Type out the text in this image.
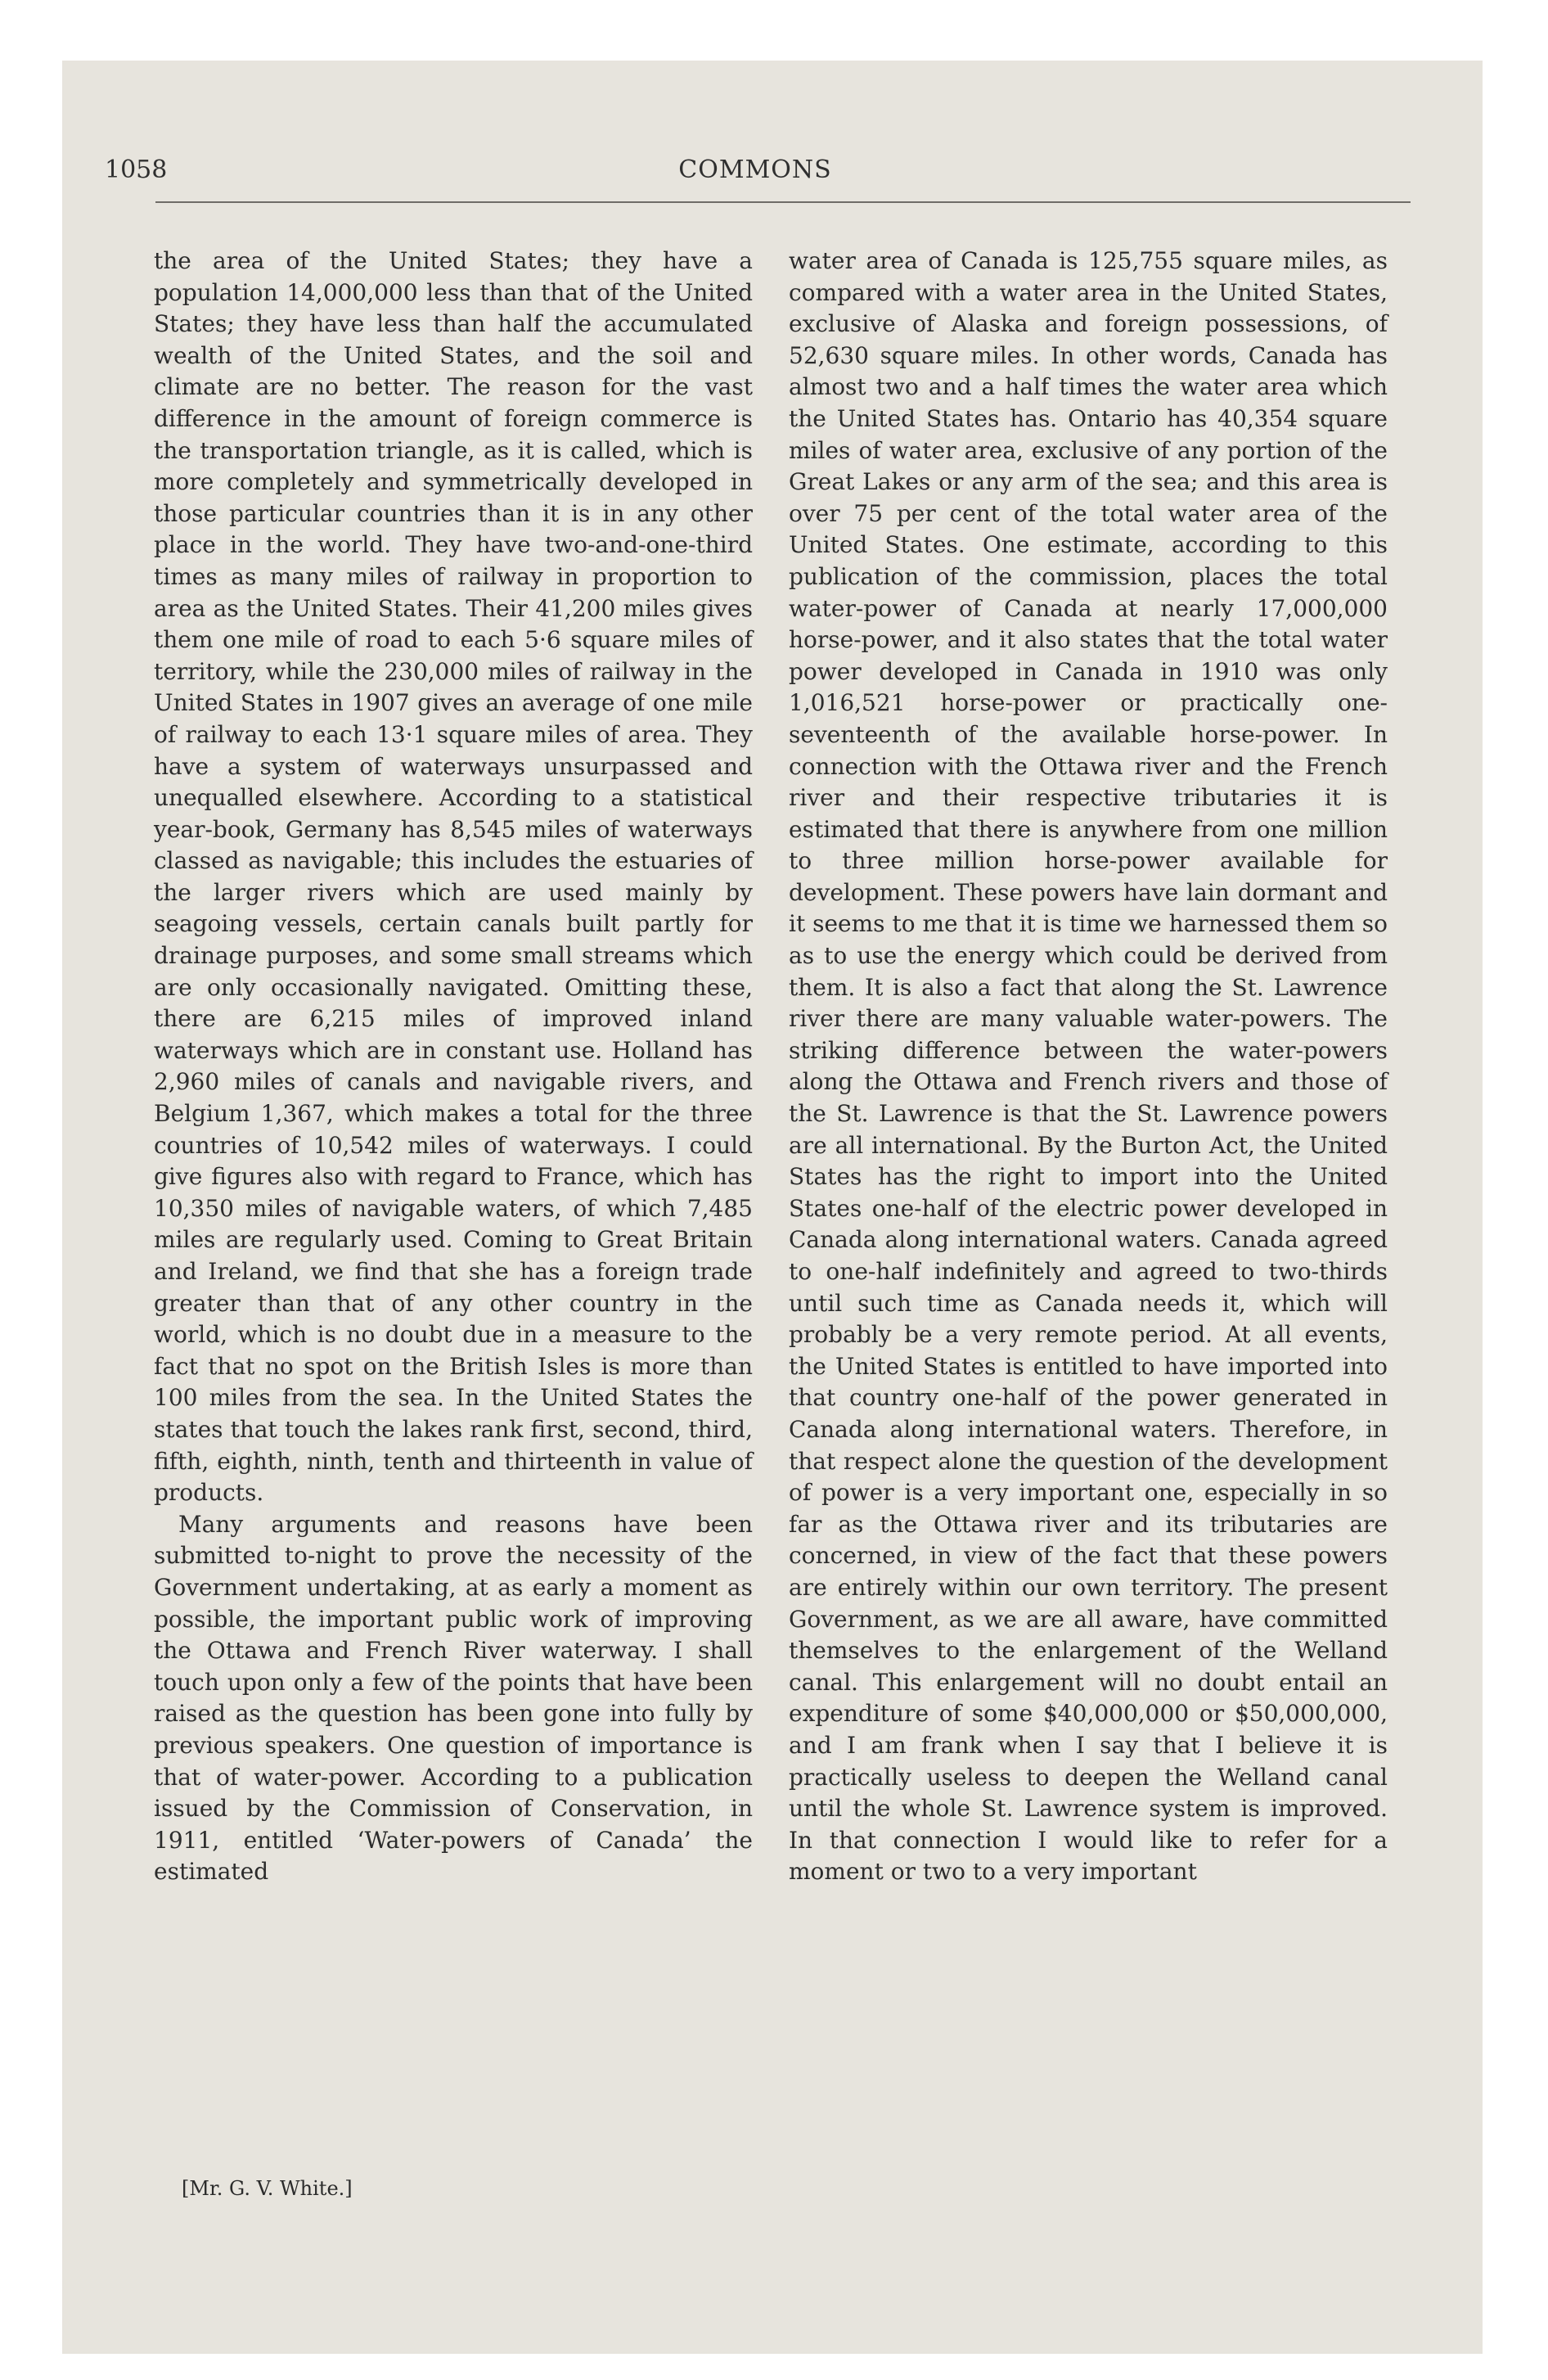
1058	COMMONS

the area of the United States; they have a population 14,000,000 less than that of the United States; they have less than half the accumulated wealth of the United States, and the soil and climate are no better. The reason for the vast difference in the amount of foreign commerce is the transportation triangle, as it is called, which is more completely and symmetrically developed in those particular countries than it is in any other place in the world. They have two-and-one-third times as many miles of railway in proportion to area as the United States. Their 41,200 miles gives them one mile of road to each 5·6 square miles of territory, while the 230,000 miles of railway in the United States in 1907 gives an average of one mile of railway to each 13·1 square miles of area. They have a system of waterways unsurpassed and unequalled elsewhere. According to a statistical year-book, Germany has 8,545 miles of waterways classed as navigable; this includes the estuaries of the larger rivers which are used mainly by seagoing vessels, certain canals built partly for drainage purposes, and some small streams which are only occasionally navigated. Omitting these, there are 6,215 miles of improved inland waterways which are in constant use. Holland has 2,960 miles of canals and navigable rivers, and Belgium 1,367, which makes a total for the three countries of 10,542 miles of waterways. I could give figures also with regard to France, which has 10,350 miles of navigable waters, of which 7,485 miles are regularly used. Coming to Great Britain and Ireland, we find that she has a foreign trade greater than that of any other country in the world, which is no doubt due in a measure to the fact that no spot on the British Isles is more than 100 miles from the sea. In the United States the states that touch the lakes rank first, second, third, fifth, eighth, ninth, tenth and thirteenth in value of products.

Many arguments and reasons have been submitted to-night to prove the necessity of the Government undertaking, at as early a moment as possible, the important public work of improving the Ottawa and French River waterway. I shall touch upon only a few of the points that have been raised as the question has been gone into fully by previous speakers. One question of importance is that of water-power. According to a publication issued by the Commission of Conservation, in 1911, entitled ‘Water-powers of Canada’ the estimated

water area of Canada is 125,755 square miles, as compared with a water area in the United States, exclusive of Alaska and foreign possessions, of 52,630 square miles. In other words, Canada has almost two and a half times the water area which the United States has. Ontario has 40,354 square miles of water area, exclusive of any portion of the Great Lakes or any arm of the sea; and this area is over 75 per cent of the total water area of the United States. One estimate, according to this publication of the commission, places the total water-power of Canada at nearly 17,000,000 horse-power, and it also states that the total water power developed in Canada in 1910 was only 1,016,521 horse-power or practically one-seventeenth of the available horse-power. In connection with the Ottawa river and the French river and their respective tributaries it is estimated that there is anywhere from one million to three million horse-power available for development. These powers have lain dormant and it seems to me that it is time we harnessed them so as to use the energy which could be derived from them. It is also a fact that along the St. Lawrence river there are many valuable water-powers. The striking difference between the water-powers along the Ottawa and French rivers and those of the St. Lawrence is that the St. Lawrence powers are all international. By the Burton Act, the United States has the right to import into the United States one-half of the electric power developed in Canada along international waters. Canada agreed to one-half indefinitely and agreed to two-thirds until such time as Canada needs it, which will probably be a very remote period. At all events, the United States is entitled to have imported into that country one-half of the power generated in Canada along international waters. Therefore, in that respect alone the question of the development of power is a very important one, especially in so far as the Ottawa river and its tributaries are concerned, in view of the fact that these powers are entirely within our own territory. The present Government, as we are all aware, have committed themselves to the enlargement of the Welland canal. This enlargement will no doubt entail an expenditure of some $40,000,000 or $50,000,000, and I am frank when I say that I believe it is practically useless to deepen the Welland canal until the whole St. Lawrence system is improved. In that connection I would like to refer for a moment or two to a very important

[Mr. G. V. White.]
